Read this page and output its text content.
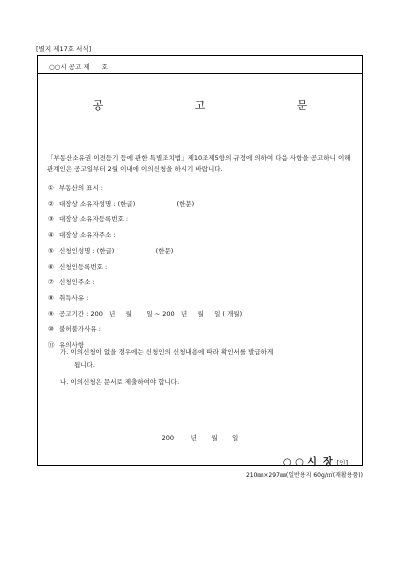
[별지 제17호 서식]
○○시 공고 제 호
공 고 문
「부동산소유권 이전등기 등에 관한 특별조치법」제10조제5항의 규정에 의하여 다음 사항을 공고하니 이해관계인은 공고일부터 2월 이내에 이의신청을 하시기 바랍니다.
① 부동산의 표시 :
② 대장상 소유자성명 : (한글)                    (한문)
③ 대장상 소유자등록번호 :
④ 대장상 소유자주소 :
⑤ 신청인성명 : (한글)                    (한문)
⑥ 신청인등록번호 :
⑦ 신청인주소 :
⑧ 취득사유 :
⑨ 공고기간 : 200   년     월       일 ~ 200   년     월     일 ( 개월)
⑩ 불허불가사유 :
⑪ 유의사항
가. 이의신청이 없을 경우에는 신청인의 신청내용에 따라 확인서를 발급하게
됩니다.
나. 이의신청은 문서로 제출하여야 합니다.
200        년       월       일
○ ○ 시 장 [인]
210㎜×297㎜(일반용지 60g/㎡(재활용품))
